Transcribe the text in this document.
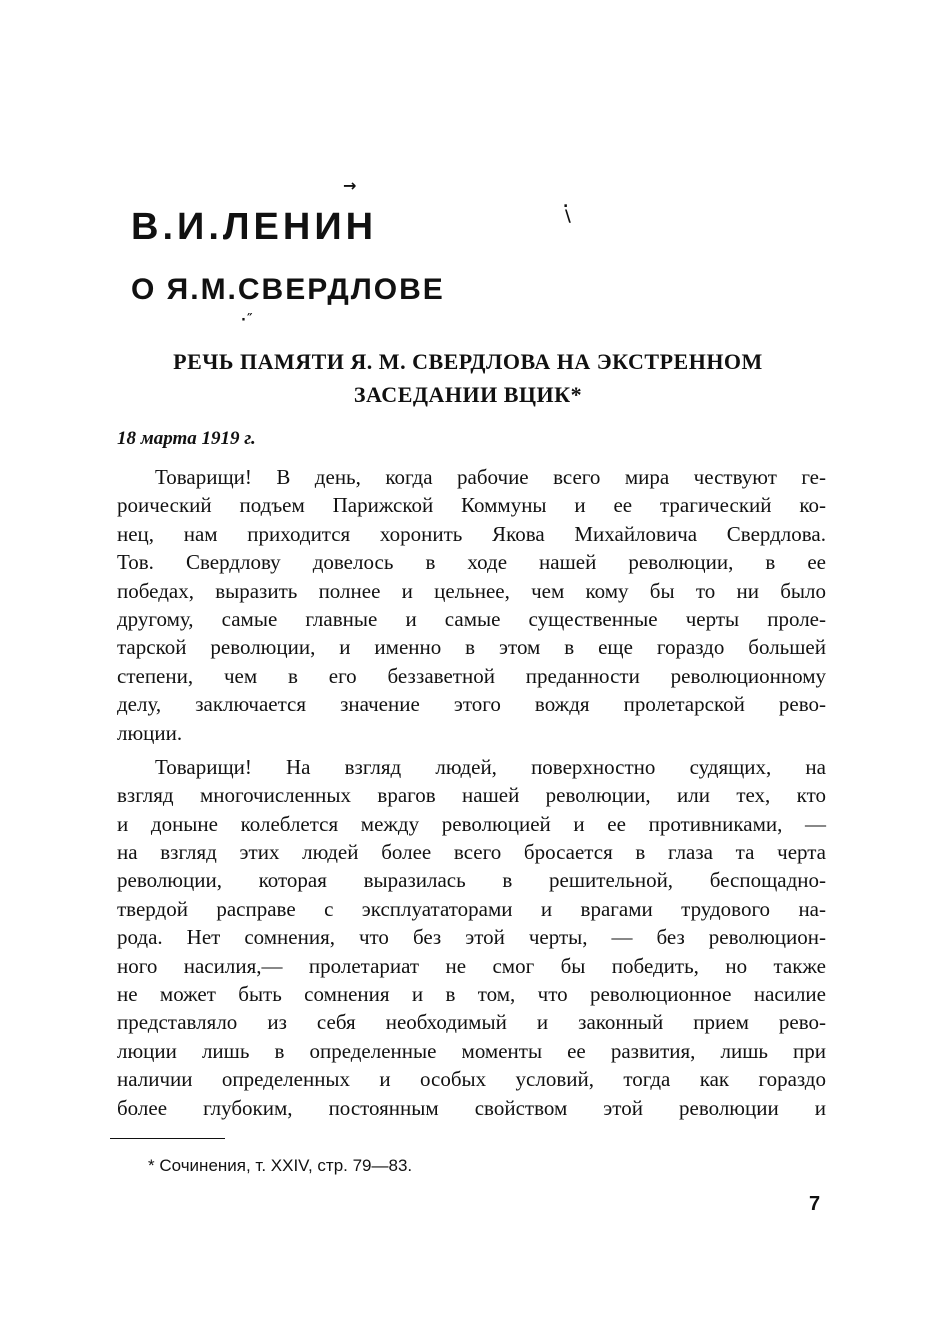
→
.
\
·˝
В.И.ЛЕНИН
О Я.М.СВЕРДЛОВЕ
РЕЧЬ ПАМЯТИ Я. М. СВЕРДЛОВА НА ЭКСТРЕННОМ
ЗАСЕДАНИИ ВЦИК*
18 марта 1919 г.
Товарищи! В день, когда рабочие всего мира чествуют ге-
роический подъем Парижской Коммуны и ее трагический ко-
нец, нам приходится хоронить Якова Михайловича Свердлова.
Тов. Свердлову довелось в ходе нашей революции, в ее
победах, выразить полнее и цельнее, чем кому бы то ни было
другому, самые главные и самые существенные черты проле-
тарской революции, и именно в этом в еще гораздо большей
степени, чем в его беззаветной преданности революционному
делу, заключается значение этого вождя пролетарской рево-
люции.
Товарищи! На взгляд людей, поверхностно судящих, на
взгляд многочисленных врагов нашей революции, или тех, кто
и доныне колеблется между революцией и ее противниками, —
на взгляд этих людей более всего бросается в глаза та черта
революции, которая выразилась в решительной, беспощадно-
твердой расправе с эксплуататорами и врагами трудового на-
рода. Нет сомнения, что без этой черты, — без революцион-
ного насилия,— пролетариат не смог бы победить, но также
не может быть сомнения и в том, что революционное насилие
представляло из себя необходимый и законный прием рево-
люции лишь в определенные моменты ее развития, лишь при
наличии определенных и особых условий, тогда как гораздо
более глубоким, постоянным свойством этой революции и
* Сочинения, т. XXIV, стр. 79—83.
7
